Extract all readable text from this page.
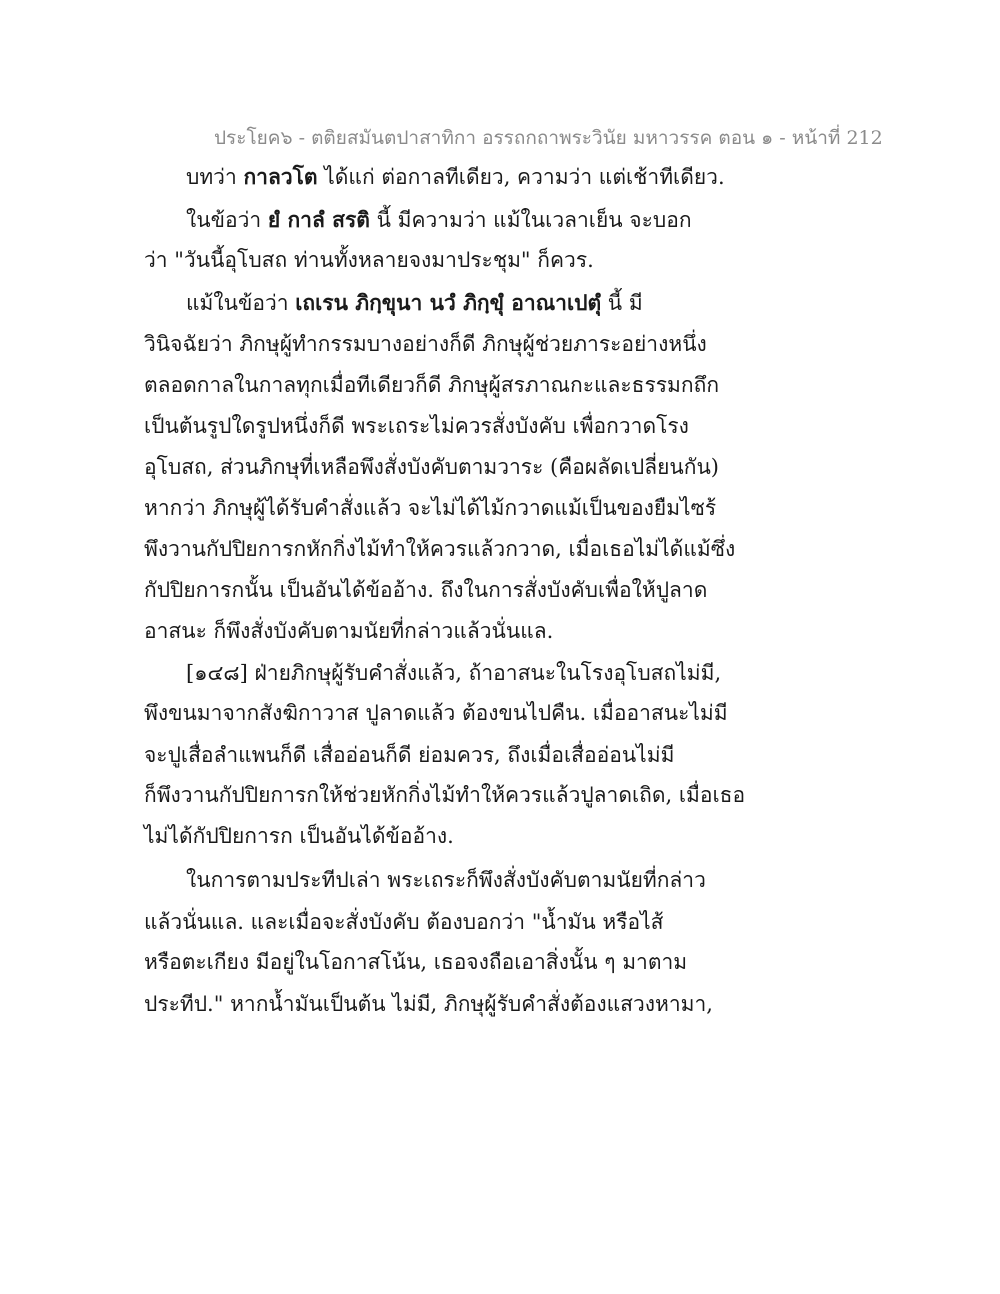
ประโยค๖ - ตติยสมันตปาสาทิกา อรรถกถาพระวินัย มหาวรรค ตอน ๑ - หน้าที่ 212
บทว่า กาลวโต ได้แก่ ต่อกาลทีเดียว, ความว่า แต่เช้าทีเดียว.
ในข้อว่า ยํ กาลํ สรติ นี้ มีความว่า แม้ในเวลาเย็น จะบอก
ว่า "วันนี้อุโบสถ ท่านทั้งหลายจงมาประชุม" ก็ควร.
แม้ในข้อว่า เถเรน ภิกฺขุนา นวํ ภิกฺขุํ อาณาเปตุํ นี้ มี
วินิจฉัยว่า ภิกษุผู้ทำกรรมบางอย่างก็ดี ภิกษุผู้ช่วยภาระอย่างหนึ่ง
ตลอดกาลในกาลทุกเมื่อทีเดียวก็ดี ภิกษุผู้สรภาณกะและธรรมกถึก
เป็นต้นรูปใดรูปหนึ่งก็ดี พระเถระไม่ควรสั่งบังคับ เพื่อกวาดโรง
อุโบสถ, ส่วนภิกษุที่เหลือพึงสั่งบังคับตามวาระ (คือผลัดเปลี่ยนกัน)
หากว่า ภิกษุผู้ได้รับคำสั่งแล้ว จะไม่ได้ไม้กวาดแม้เป็นของยืมไซร้
พึงวานกัปปิยการกหักกิ่งไม้ทำให้ควรแล้วกวาด, เมื่อเธอไม่ได้แม้ซึ่ง
กัปปิยการกนั้น เป็นอันได้ข้ออ้าง. ถึงในการสั่งบังคับเพื่อให้ปูลาด
อาสนะ ก็พึงสั่งบังคับตามนัยที่กล่าวแล้วนั่นแล.
[๑๔๘] ฝ่ายภิกษุผู้รับคำสั่งแล้ว, ถ้าอาสนะในโรงอุโบสถไม่มี,
พึงขนมาจากสังฆิกาวาส ปูลาดแล้ว ต้องขนไปคืน. เมื่ออาสนะไม่มี
จะปูเสื่อลำแพนก็ดี เสื่ออ่อนก็ดี ย่อมควร, ถึงเมื่อเสื่ออ่อนไม่มี
ก็พึงวานกัปปิยการกให้ช่วยหักกิ่งไม้ทำให้ควรแล้วปูลาดเถิด, เมื่อเธอ
ไม่ได้กัปปิยการก เป็นอันได้ข้ออ้าง.
ในการตามประทีปเล่า พระเถระก็พึงสั่งบังคับตามนัยที่กล่าว
แล้วนั่นแล. และเมื่อจะสั่งบังคับ ต้องบอกว่า "น้ำมัน หรือไส้
หรือตะเกียง มีอยู่ในโอกาสโน้น, เธอจงถือเอาสิ่งนั้น ๆ มาตาม
ประทีป." หากน้ำมันเป็นต้น ไม่มี, ภิกษุผู้รับคำสั่งต้องแสวงหามา,
